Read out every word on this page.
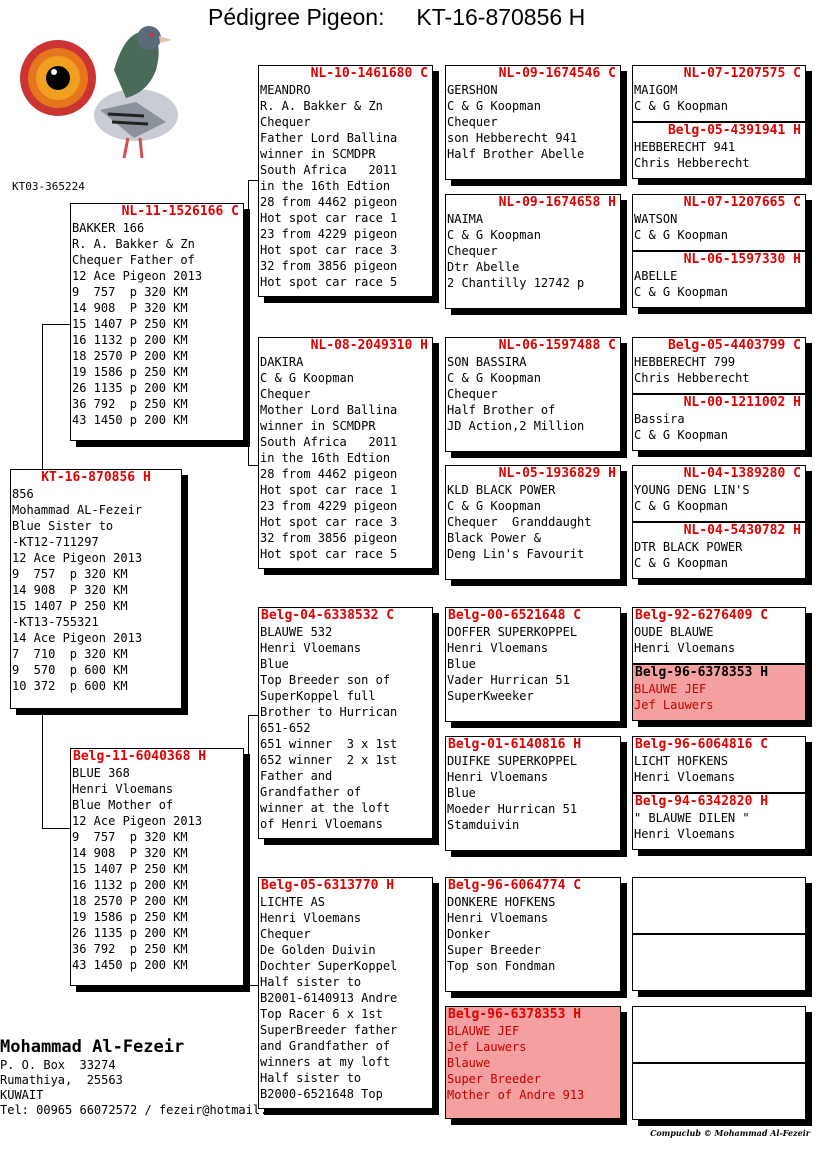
Pédigree Pigeon:     KT-16-870856 H
KT03-365224
KT-16-870856 H
856
Mohammad AL-Fezeir
Blue Sister to
-KT12-711297
12 Ace Pigeon 2013
9  757  p 320 KM
14 908  P 320 KM
15 1407 P 250 KM
-KT13-755321
14 Ace Pigeon 2013
7  710  p 320 KM
9  570  p 600 KM
10 372  p 600 KM
NL-11-1526166 C
BAKKER 166
R. A. Bakker & Zn
Chequer Father of
12 Ace Pigeon 2013
9  757  p 320 KM
14 908  P 320 KM
15 1407 P 250 KM
16 1132 p 200 KM
18 2570 P 200 KM
19 1586 p 250 KM
26 1135 p 200 KM
36 792  p 250 KM
43 1450 p 200 KM
Belg-11-6040368 H
BLUE 368
Henri Vloemans
Blue Mother of
12 Ace Pigeon 2013
9  757  p 320 KM
14 908  P 320 KM
15 1407 P 250 KM
16 1132 p 200 KM
18 2570 P 200 KM
19 1586 p 250 KM
26 1135 p 200 KM
36 792  p 250 KM
43 1450 p 200 KM
NL-10-1461680 C
MEANDRO
R. A. Bakker & Zn
Chequer
Father Lord Ballina
winner in SCMDPR
South Africa   2011
in the 16th Edtion
28 from 4462 pigeon
Hot spot car race 1
23 from 4229 pigeon
Hot spot car race 3
32 from 3856 pigeon
Hot spot car race 5
NL-08-2049310 H
DAKIRA
C & G Koopman
Chequer
Mother Lord Ballina
winner in SCMDPR
South Africa   2011
in the 16th Edtion
28 from 4462 pigeon
Hot spot car race 1
23 from 4229 pigeon
Hot spot car race 3
32 from 3856 pigeon
Hot spot car race 5
Belg-04-6338532 C
BLAUWE 532
Henri Vloemans
Blue
Top Breeder son of
SuperKoppel full
Brother to Hurrican
651-652
651 winner  3 x 1st
652 winner  2 x 1st
Father and
Grandfather of
winner at the loft
of Henri Vloemans
Belg-05-6313770 H
LICHTE AS
Henri Vloemans
Chequer
De Golden Duivin
Dochter SuperKoppel
Half sister to
B2001-6140913 Andre
Top Racer 6 x 1st
SuperBreeder father
and Grandfather of
winners at my loft
Half sister to
B2000-6521648 Top
NL-09-1674546 C
GERSHON
C & G Koopman
Chequer
son Hebberecht 941
Half Brother Abelle
NL-09-1674658 H
NAIMA
C & G Koopman
Chequer
Dtr Abelle
2 Chantilly 12742 p
NL-06-1597488 C
SON BASSIRA
C & G Koopman
Chequer
Half Brother of
JD Action,2 Million
NL-05-1936829 H
KLD BLACK POWER
C & G Koopman
Chequer  Granddaught
Black Power &
Deng Lin's Favourit
Belg-00-6521648 C
DOFFER SUPERKOPPEL
Henri Vloemans
Blue
Vader Hurrican 51
SuperKweeker
Belg-01-6140816 H
DUIFKE SUPERKOPPEL
Henri Vloemans
Blue
Moeder Hurrican 51
Stamduivin
Belg-96-6064774 C
DONKERE HOFKENS
Henri Vloemans
Donker
Super Breeder
Top son Fondman
Belg-96-6378353 H
BLAUWE JEF
Jef Lauwers
Blauwe
Super Breeder
Mother of Andre 913
NL-07-1207575 C
MAIGOM
C & G Koopman
Belg-05-4391941 H
HEBBERECHT 941
Chris Hebberecht
NL-07-1207665 C
WATSON
C & G Koopman
NL-06-1597330 H
ABELLE
C & G Koopman
Belg-05-4403799 C
HEBBERECHT 799
Chris Hebberecht
NL-00-1211002 H
Bassira
C & G Koopman
NL-04-1389280 C
YOUNG DENG LIN'S
C & G Koopman
NL-04-5430782 H
DTR BLACK POWER
C & G Koopman
Belg-92-6276409 C
OUDE BLAUWE
Henri Vloemans
Belg-96-6378353 H
BLAUWE JEF
Jef Lauwers
Belg-96-6064816 C
LICHT HOFKENS
Henri Vloemans
Belg-94-6342820 H
" BLAUWE DILEN "
Henri Vloemans
Mohammad Al-Fezeir
P. O. Box  33274
Rumathiya,  25563
KUWAIT
Tel: 00965 66072572 / fezeir@hotmail.
Compuclub © Mohammad Al-Fezeir
